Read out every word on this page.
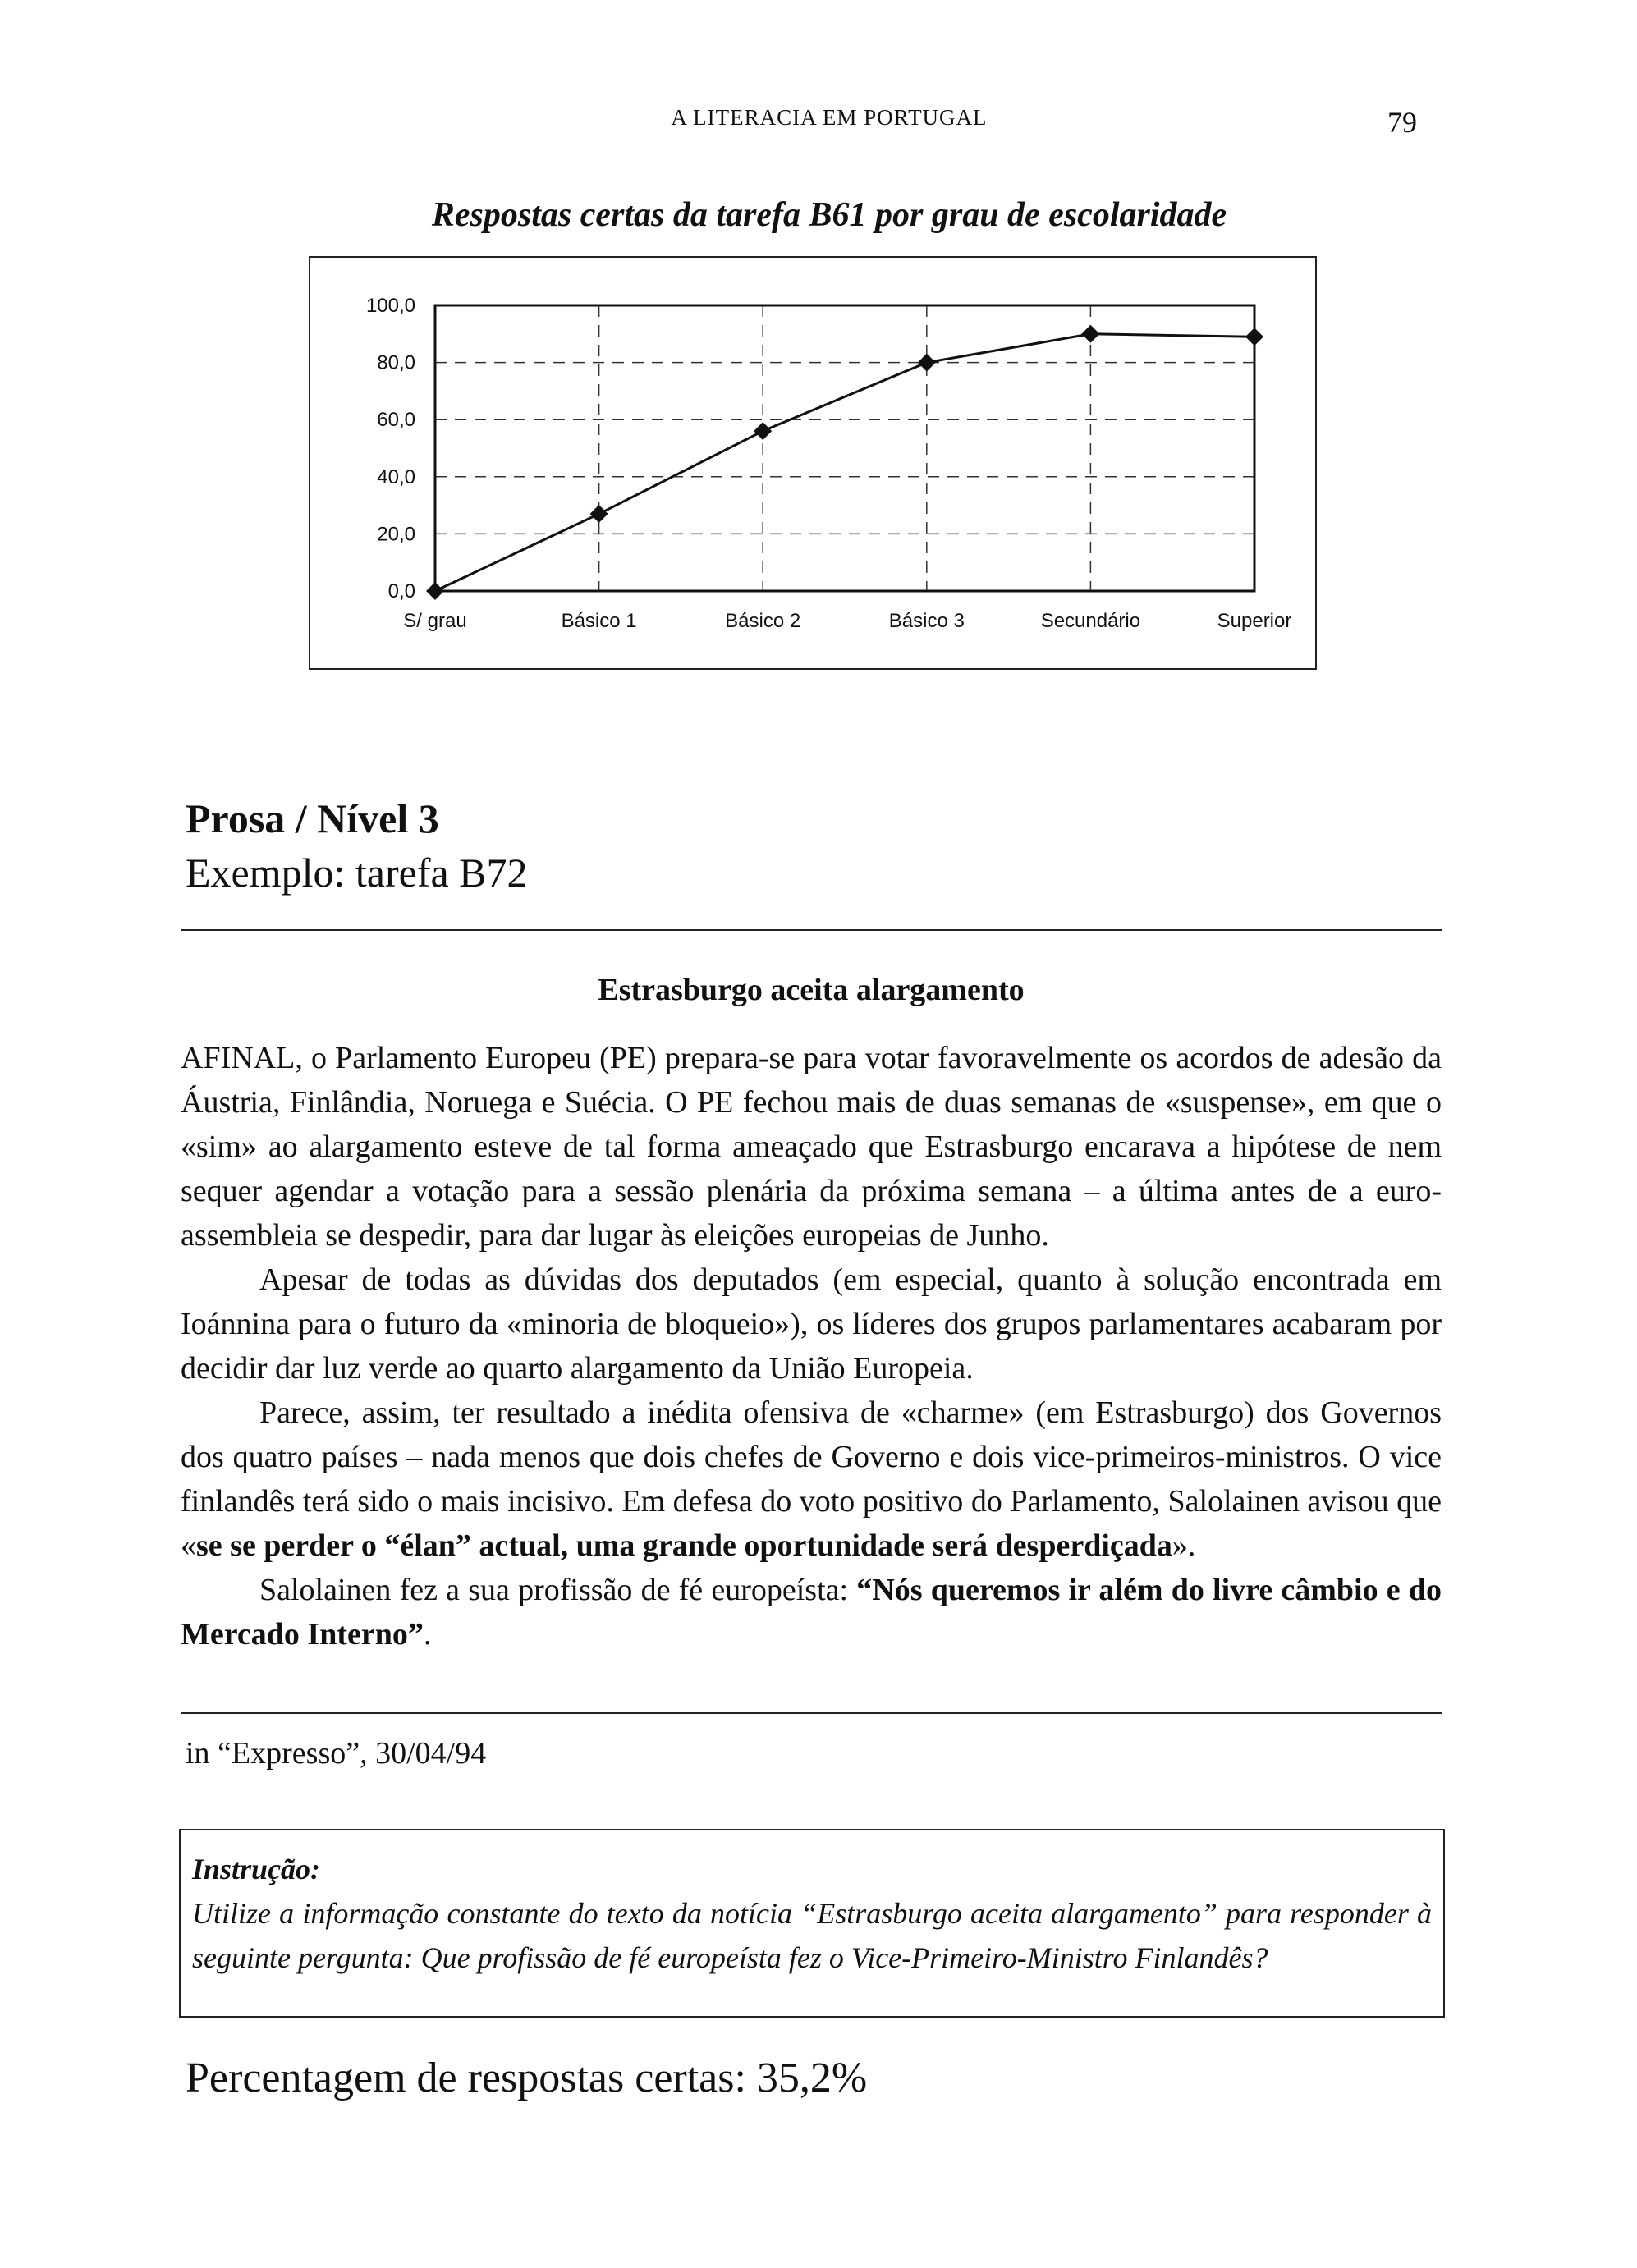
A LITERACIA EM PORTUGAL	79
Respostas certas da tarefa B61 por grau de escolaridade
100,0
80,0
60,0
40,0
20,0
0,0
S/ grau	Básico 1	Básico 2	Básico 3	Secundário	Superior
Prosa / Nível 3
Exemplo: tarefa B72
Estrasburgo aceita alargamento

AFINAL, o Parlamento Europeu (PE) prepara-se para votar favoravelmente os acordos de adesão da Áustria, Finlândia, Noruega e Suécia. O PE fechou mais de duas semanas de «suspense», em que o «sim» ao alargamento esteve de tal forma ameaçado que Estrasburgo encarava a hipótese de nem sequer agendar a votação para a sessão plenária da próxima semana – a última antes de a euro-assembleia se despedir, para dar lugar às eleições europeias de Junho.

Apesar de todas as dúvidas dos deputados (em especial, quanto à solução encontrada em Ioánnina para o futuro da «minoria de bloqueio»), os líderes dos grupos parlamentares acabaram por decidir dar luz verde ao quarto alargamento da União Europeia.

Parece, assim, ter resultado a inédita ofensiva de «charme» (em Estrasburgo) dos Governos dos quatro países – nada menos que dois chefes de Governo e dois vice-primeiros-ministros. O vice finlandês terá sido o mais incisivo. Em defesa do voto positivo do Parlamento, Salolainen avisou que «se se perder o “élan” actual, uma grande oportunidade será desperdiçada».

Salolainen fez a sua profissão de fé europeísta: “Nós queremos ir além do livre câmbio e do Mercado Interno”.

in “Expresso”, 30/04/94
Instrução:
Utilize a informação constante do texto da notícia “Estrasburgo aceita alargamento” para responder à seguinte pergunta: Que profissão de fé europeísta fez o Vice-Primeiro-Ministro Finlandês?
Percentagem de respostas certas: 35,2%
